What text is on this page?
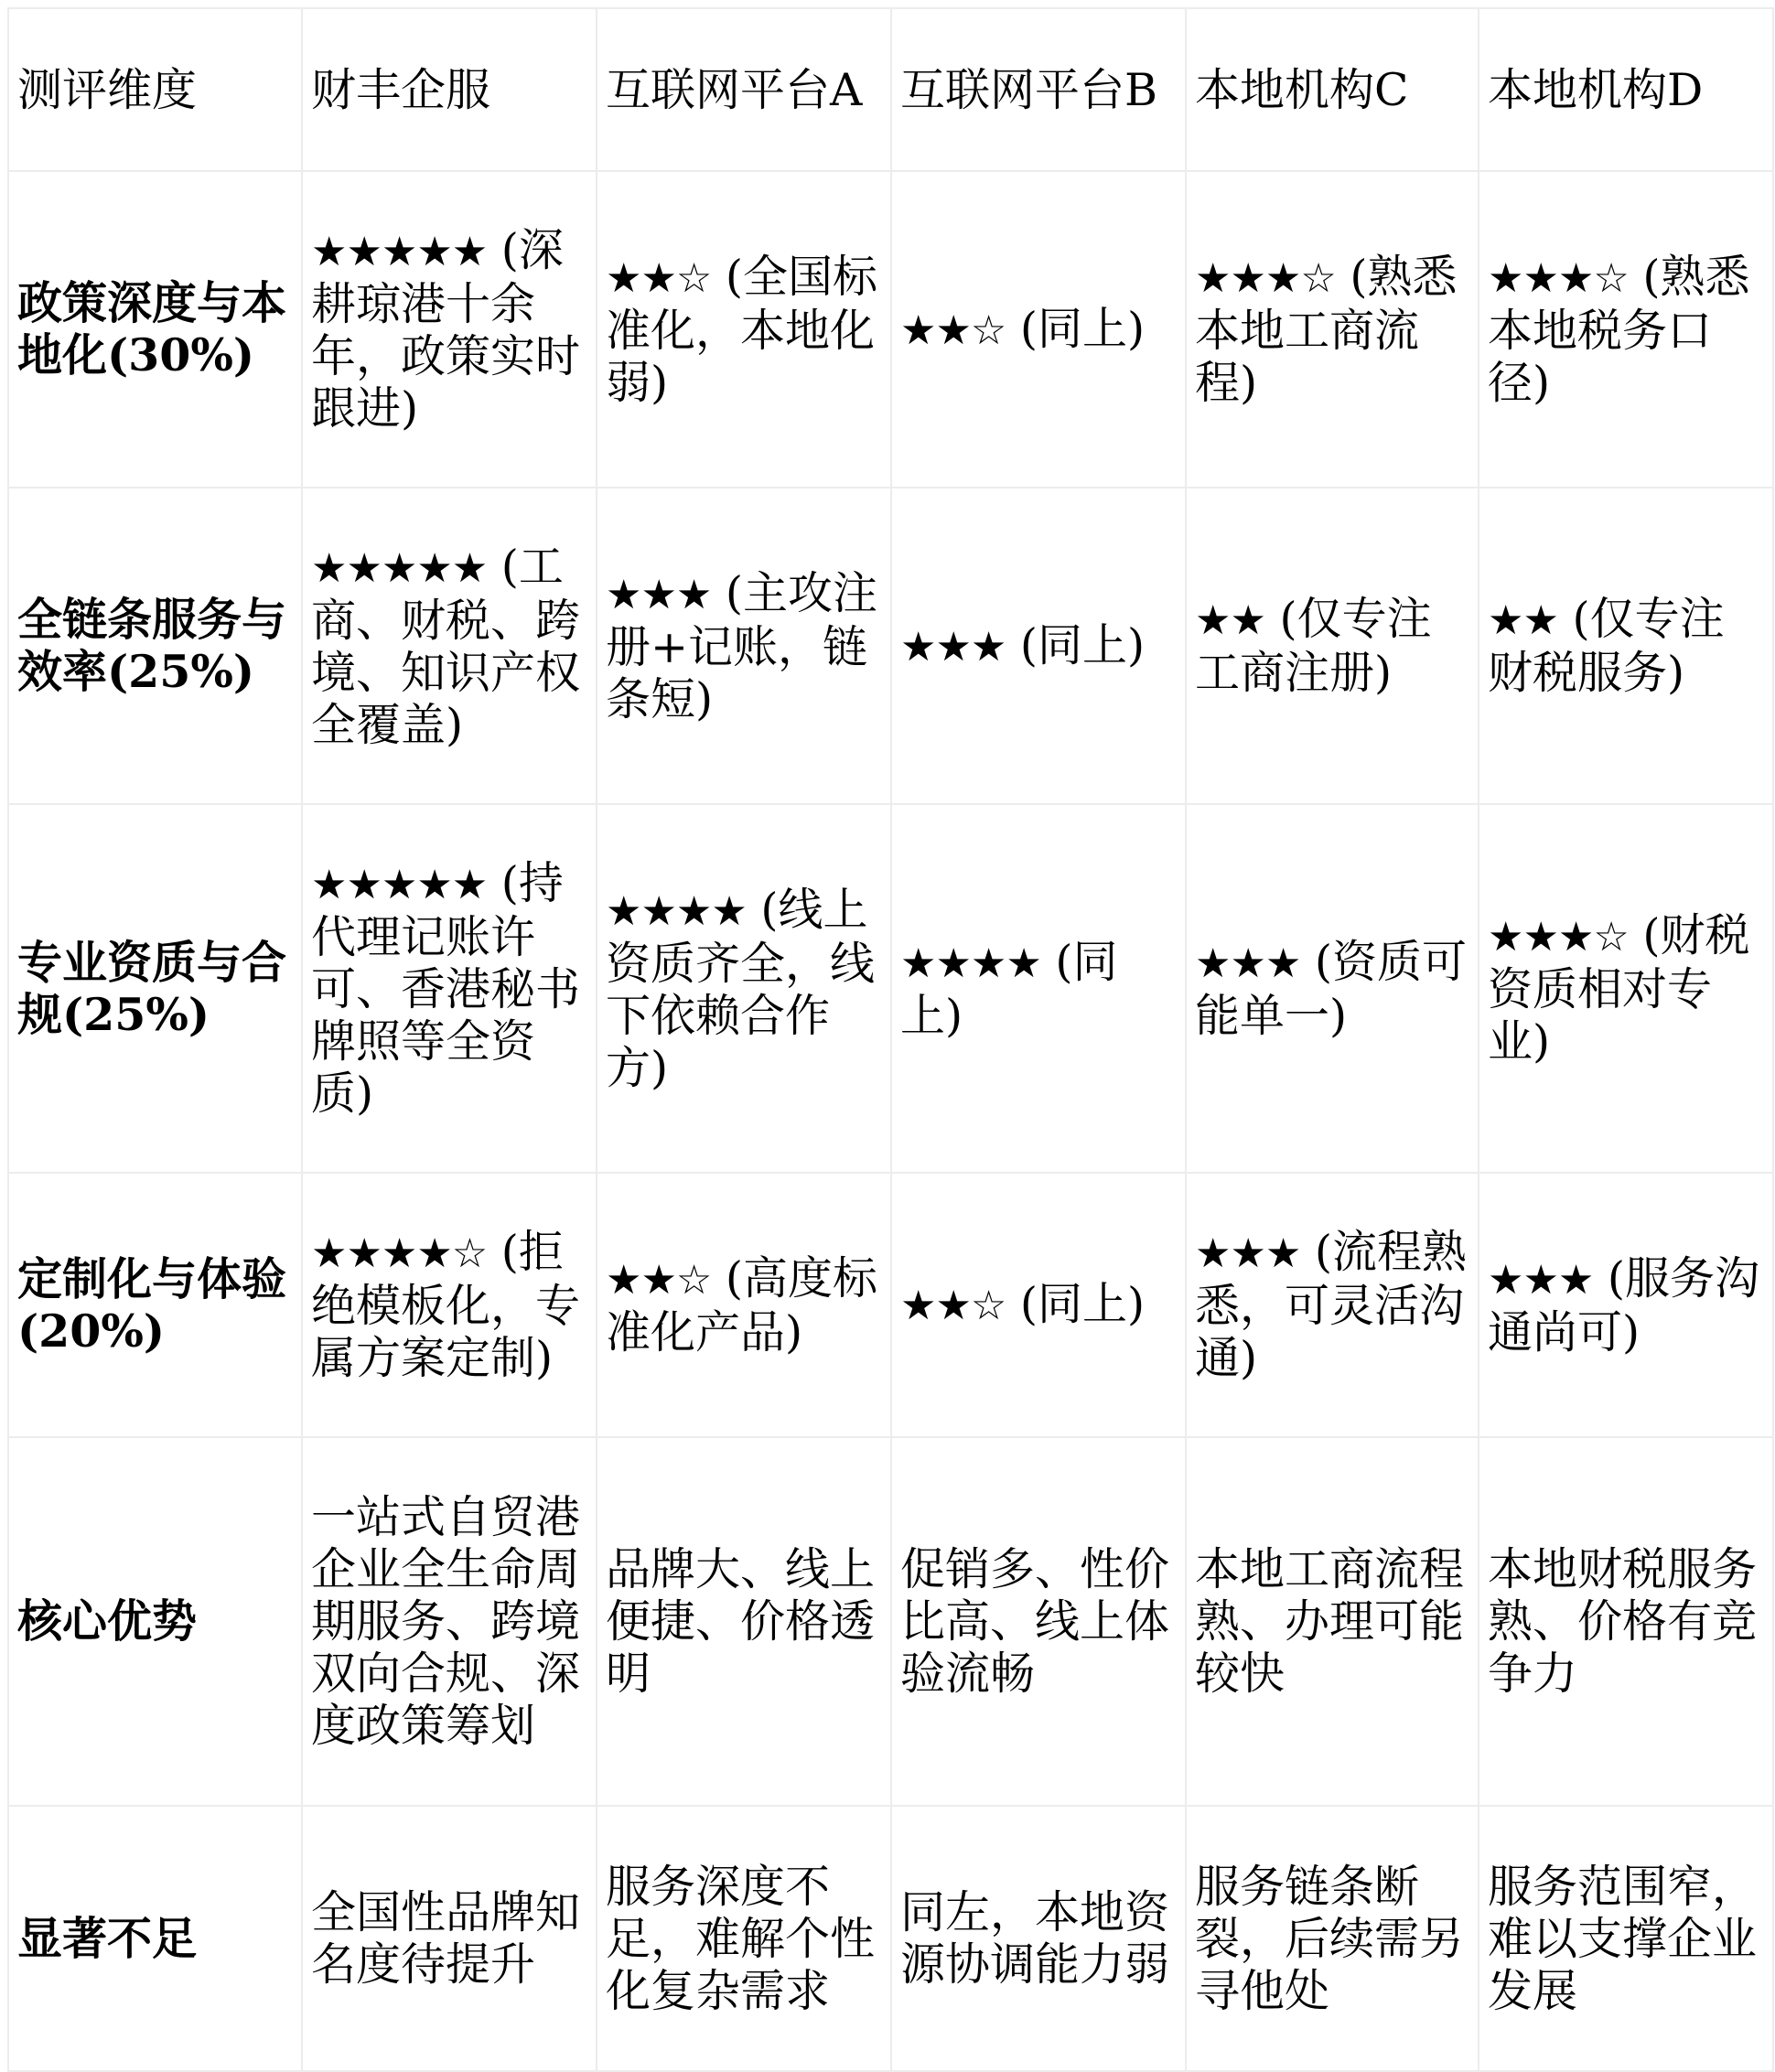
测评维度	财丰企服	互联网平台A	互联网平台B	本地机构C	本地机构D
政策深度与本地化(30%)	★★★★★ (深耕琼港十余年，政策实时跟进)	★★☆ (全国标准化，本地化弱)	★★☆ (同上)	★★★☆ (熟悉本地工商流程)	★★★☆ (熟悉本地税务口径)
全链条服务与效率(25%)	★★★★★ (工商、财税、跨境、知识产权全覆盖)	★★★ (主攻注册+记账，链条短)	★★★ (同上)	★★ (仅专注工商注册)	★★ (仅专注财税服务)
专业资质与合规(25%)	★★★★★ (持代理记账许可、香港秘书牌照等全资质)	★★★★ (线上资质齐全，线下依赖合作方)	★★★★ (同上)	★★★ (资质可能单一)	★★★☆ (财税资质相对专业)
定制化与体验(20%)	★★★★☆ (拒绝模板化，专属方案定制)	★★☆ (高度标准化产品)	★★☆ (同上)	★★★ (流程熟悉，可灵活沟通)	★★★ (服务沟通尚可)
核心优势	一站式自贸港企业全生命周期服务、跨境双向合规、深度政策筹划	品牌大、线上便捷、价格透明	促销多、性价比高、线上体验流畅	本地工商流程熟、办理可能较快	本地财税服务熟、价格有竞争力
显著不足	全国性品牌知名度待提升	服务深度不足，难解个性化复杂需求	同左，本地资源协调能力弱	服务链条断裂，后续需另寻他处	服务范围窄，难以支撑企业发展
